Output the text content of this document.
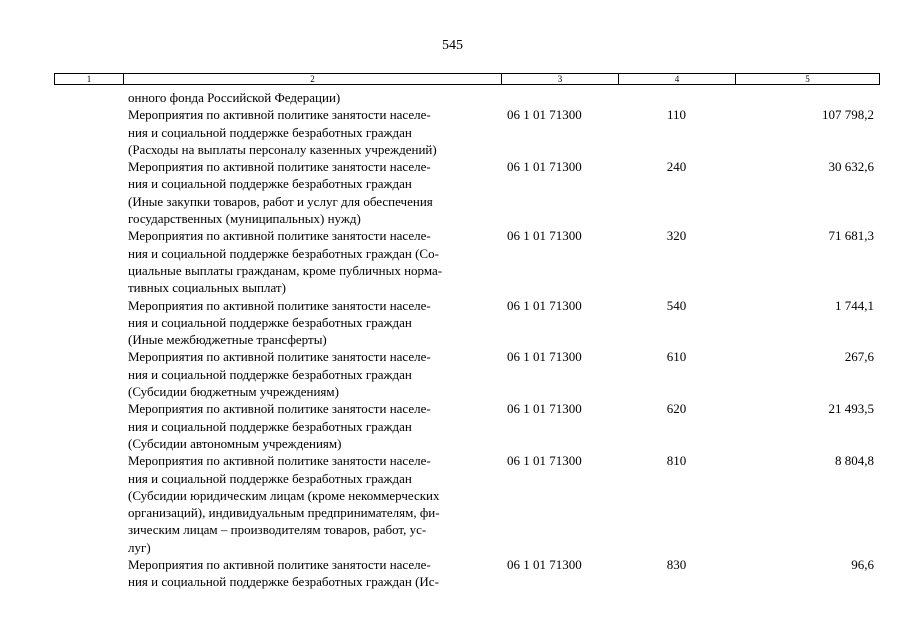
545
1	2	3	4	5
онного фонда Российской Федерации)
Мероприятия по активной политике занятости населе-
ния и социальной поддержке безработных граждан
(Расходы на выплаты персоналу казенных учреждений)
06 1 01 71300	110	107 798,2
Мероприятия по активной политике занятости населе-
ния и социальной поддержке безработных граждан
(Иные закупки товаров, работ и услуг для обеспечения
государственных (муниципальных) нужд)
06 1 01 71300	240	30 632,6
Мероприятия по активной политике занятости населе-
ния и социальной поддержке безработных граждан (Со-
циальные выплаты гражданам, кроме публичных норма-
тивных социальных выплат)
06 1 01 71300	320	71 681,3
Мероприятия по активной политике занятости населе-
ния и социальной поддержке безработных граждан
(Иные межбюджетные трансферты)
06 1 01 71300	540	1 744,1
Мероприятия по активной политике занятости населе-
ния и социальной поддержке безработных граждан
(Субсидии бюджетным учреждениям)
06 1 01 71300	610	267,6
Мероприятия по активной политике занятости населе-
ния и социальной поддержке безработных граждан
(Субсидии автономным учреждениям)
06 1 01 71300	620	21 493,5
Мероприятия по активной политике занятости населе-
ния и социальной поддержке безработных граждан
(Субсидии юридическим лицам (кроме некоммерческих
организаций), индивидуальным предпринимателям, фи-
зическим лицам – производителям товаров, работ, ус-
луг)
06 1 01 71300	810	8 804,8
Мероприятия по активной политике занятости населе-
ния и социальной поддержке безработных граждан (Ис-
06 1 01 71300	830	96,6
